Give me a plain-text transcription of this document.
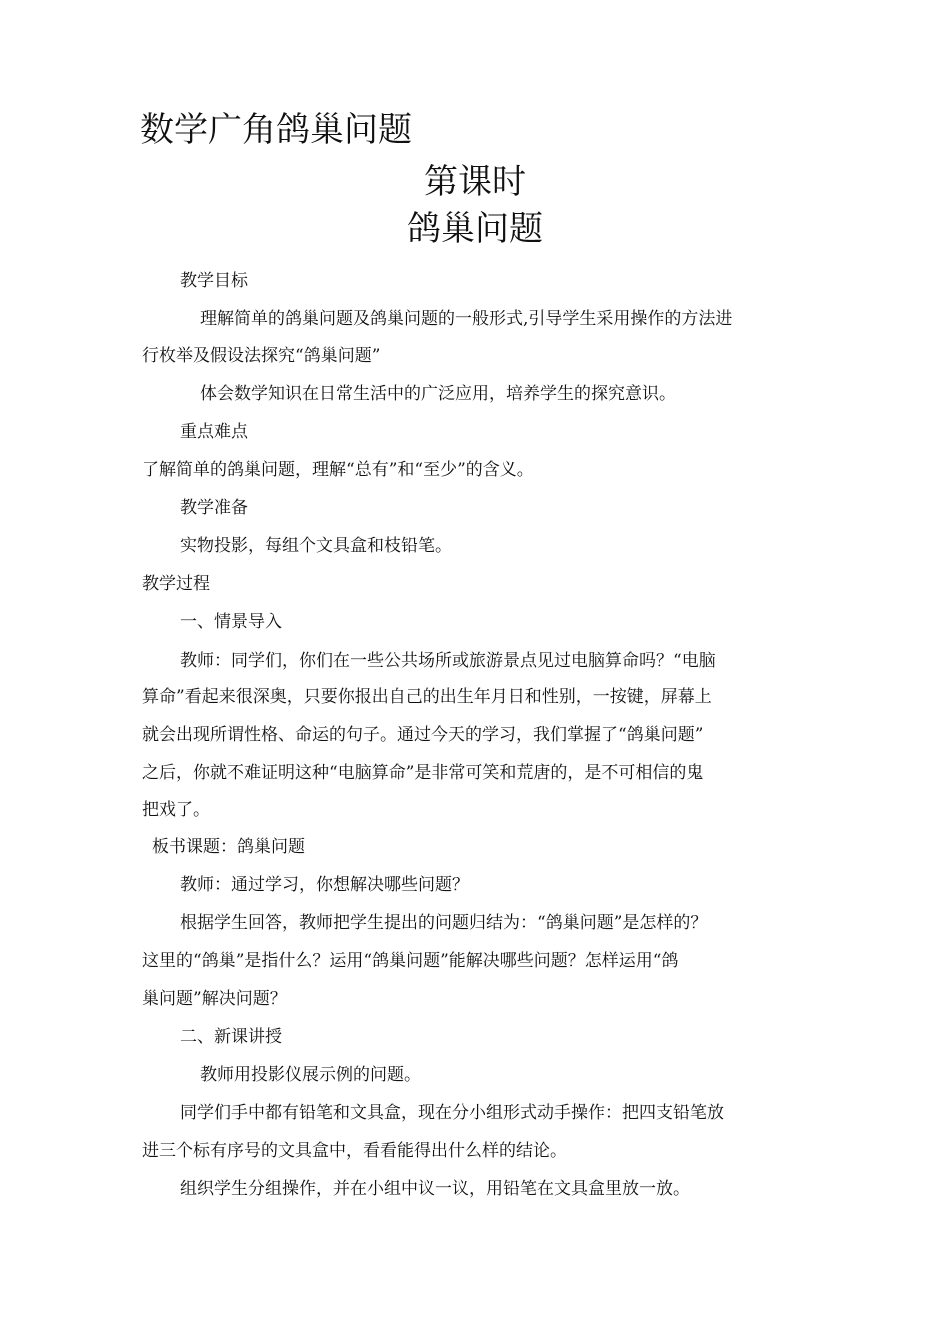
数学广角鸽巢问题
第课时
鸽巢问题
教学目标
理解简单的鸽巢问题及鸽巢问题的一般形式,引导学生采用操作的方法进
行枚举及假设法探究“鸽巢问题”
体会数学知识在日常生活中的广泛应用，培养学生的探究意识。
重点难点
了解简单的鸽巢问题，理解“总有”和“至少”的含义。
教学准备
实物投影，每组个文具盒和枝铅笔。
教学过程
一、情景导入
教师：同学们，你们在一些公共场所或旅游景点见过电脑算命吗？“电脑
算命”看起来很深奥，只要你报出自己的出生年月日和性别，一按键，屏幕上
就会出现所谓性格、命运的句子。通过今天的学习，我们掌握了“鸽巢问题”
之后，你就不难证明这种“电脑算命”是非常可笑和荒唐的，是不可相信的鬼
把戏了。
板书课题：鸽巢问题
教师：通过学习，你想解决哪些问题？
根据学生回答，教师把学生提出的问题归结为：“鸽巢问题”是怎样的？
这里的“鸽巢”是指什么？运用“鸽巢问题”能解决哪些问题？怎样运用“鸽
巢问题”解决问题？
二、新课讲授
教师用投影仪展示例的问题。
同学们手中都有铅笔和文具盒，现在分小组形式动手操作：把四支铅笔放
进三个标有序号的文具盒中，看看能得出什么样的结论。
组织学生分组操作，并在小组中议一议，用铅笔在文具盒里放一放。
